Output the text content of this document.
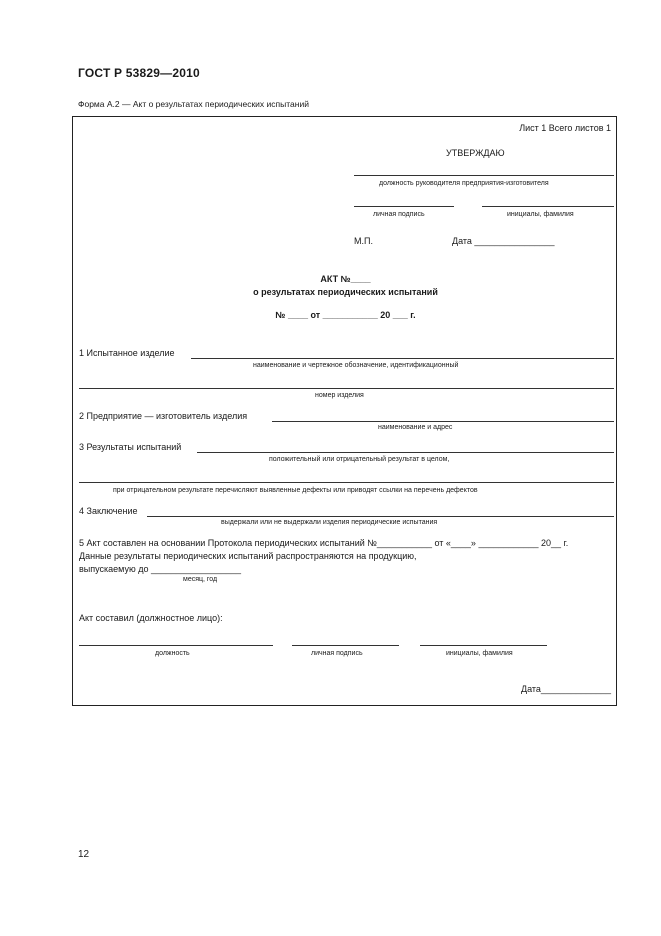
ГОСТ Р 53829—2010
Форма А.2 — Акт о результатах периодических испытаний
Лист 1 Всего листов 1
УТВЕРЖДАЮ
должность руководителя предприятия-изготовителя
личная подпись	инициалы, фамилия
М.П.	Дата ________________
АКТ №____
о результатах периодических испытаний
№ ____ от ___________ 20 ___ г.
1 Испытанное изделие
наименование и чертежное обозначение, идентификационный
номер изделия
2 Предприятие — изготовитель изделия
наименование и адрес
3 Результаты испытаний
положительный или отрицательный результат в целом,
при отрицательном результате перечисляют выявленные дефекты или приводят ссылки на перечень дефектов
4 Заключение
выдержали или не выдержали изделия периодические испытания
5 Акт составлен на основании Протокола периодических испытаний №___________ от «____» ____________ 20__ г.
Данные результаты периодических испытаний распространяются на продукцию,
выпускаемую до __________________
месяц, год
Акт составил (должностное лицо):
должность	личная подпись	инициалы, фамилия
Дата______________
12
